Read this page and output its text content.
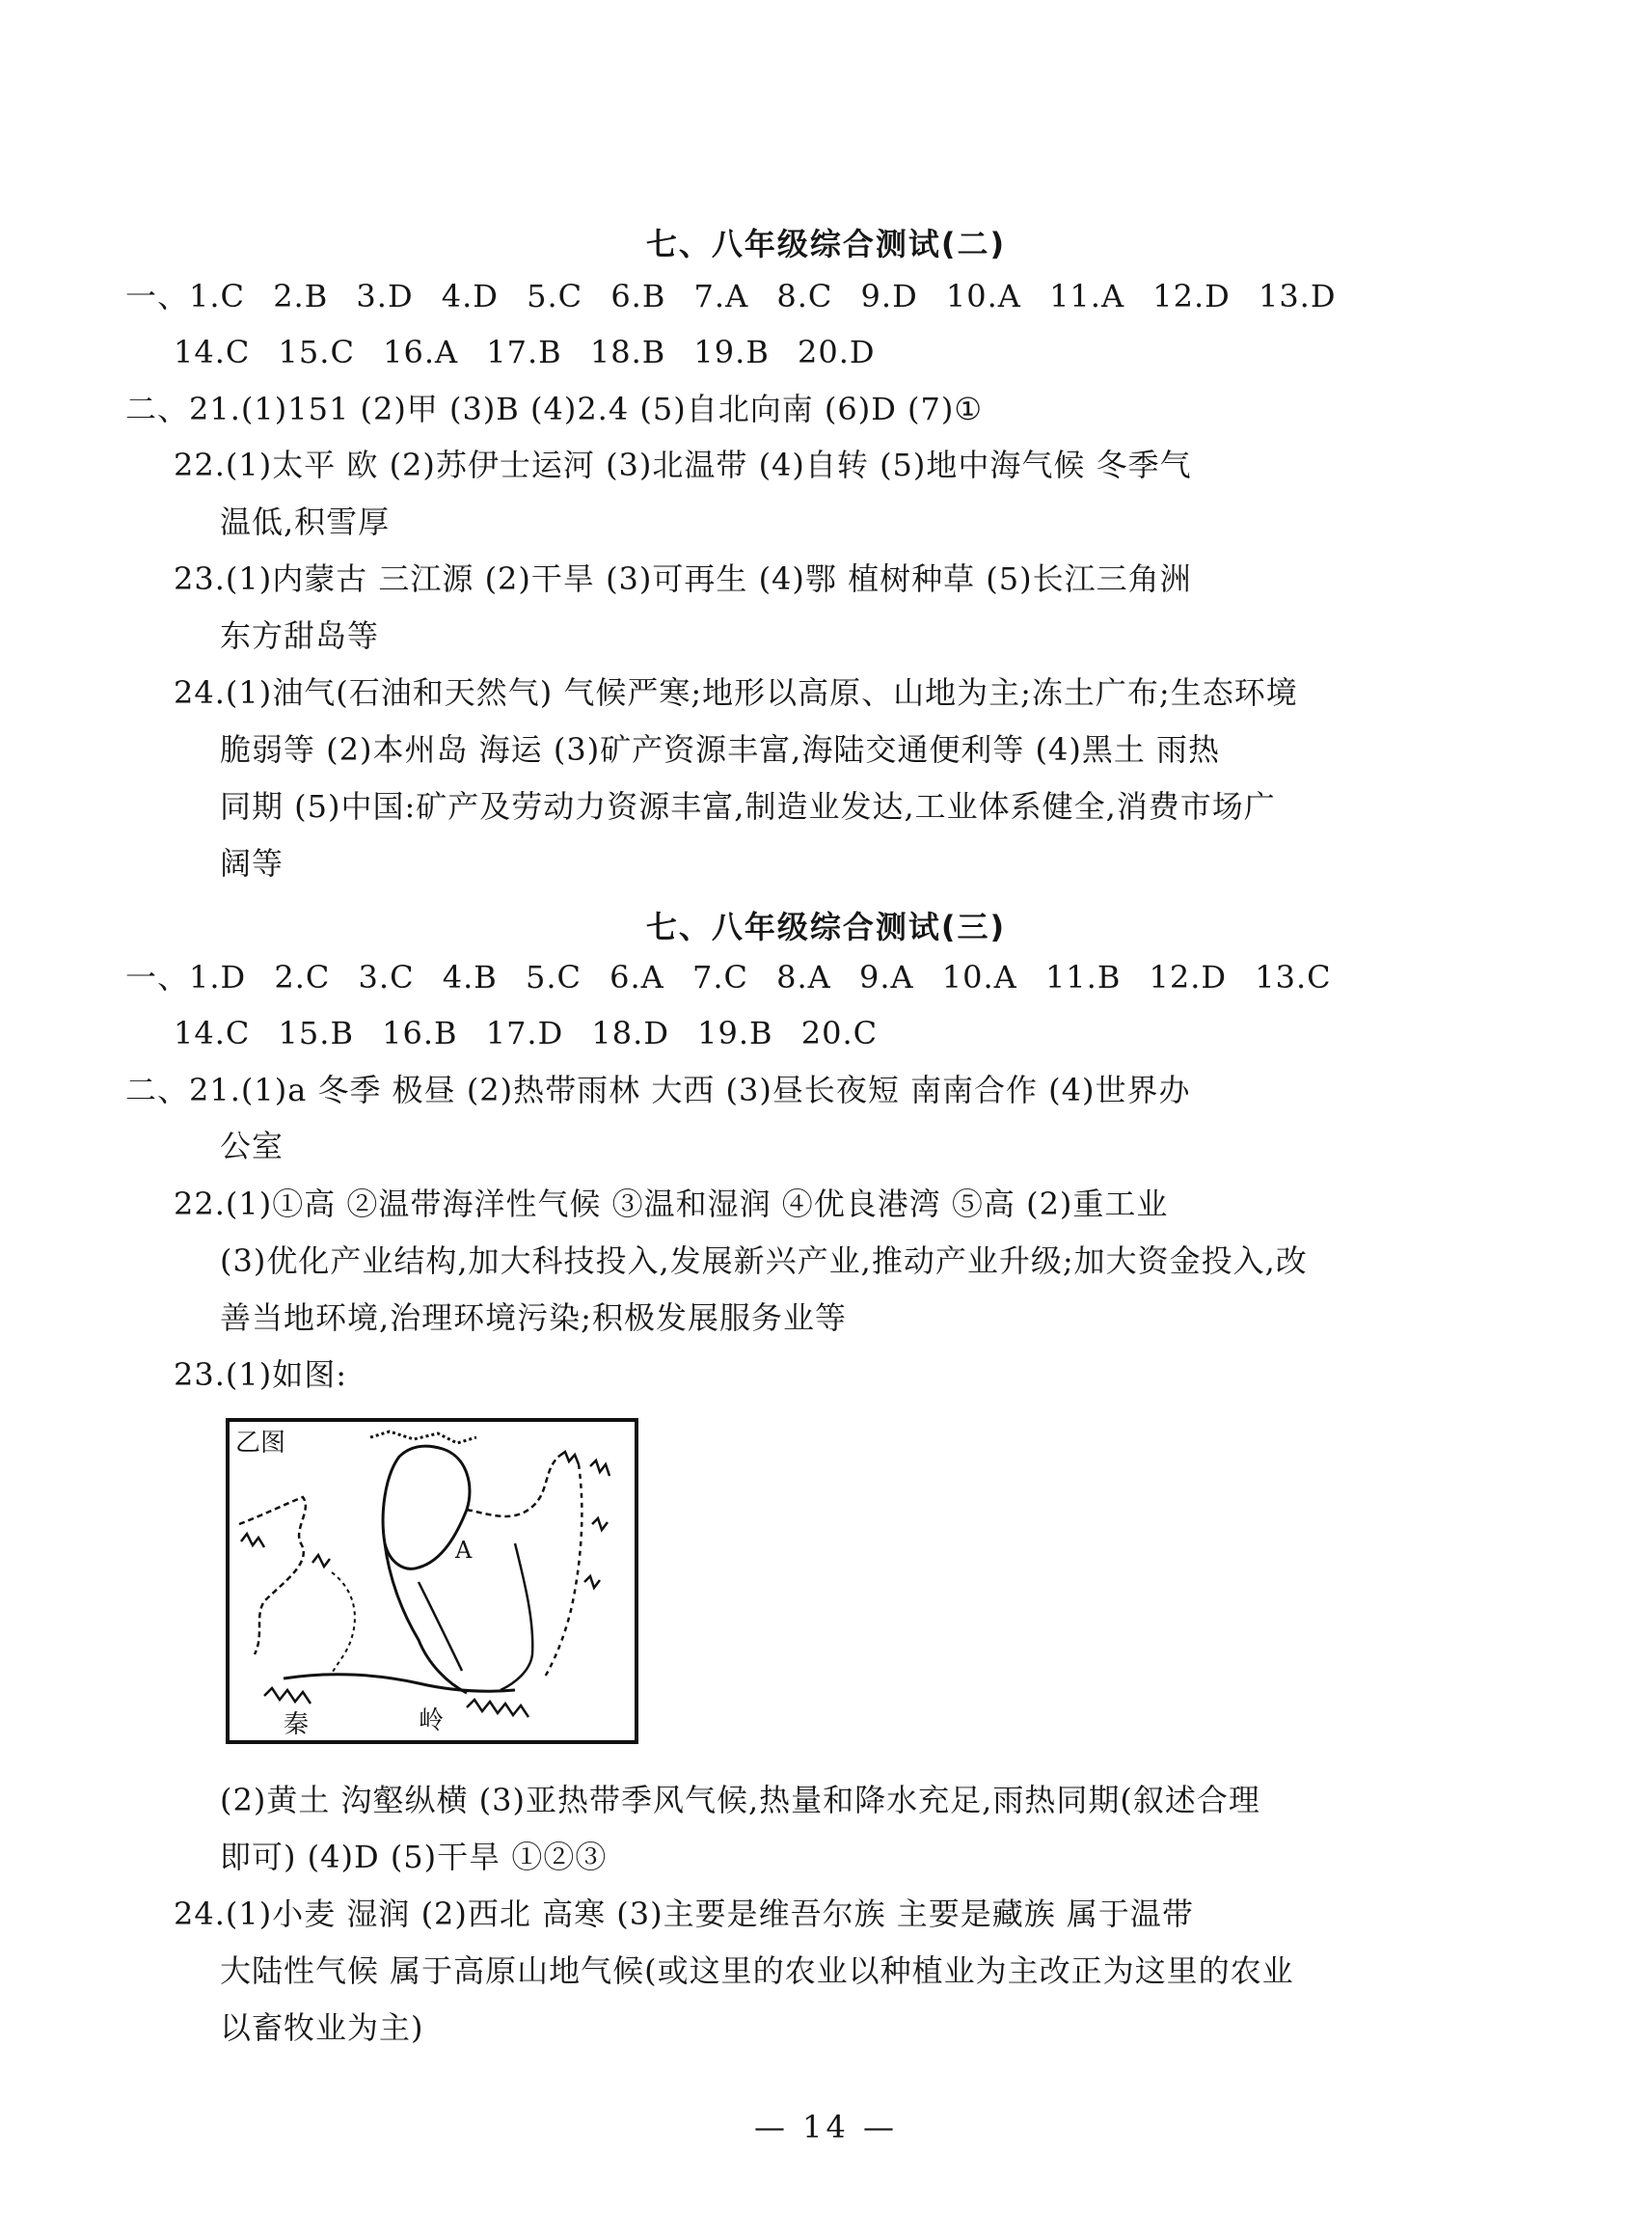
七、八年级综合测试(二)
一、1.C 2.B 3.D 4.D 5.C 6.B 7.A 8.C 9.D 10.A 11.A 12.D 13.D
14.C 15.C 16.A 17.B 18.B 19.B 20.D
二、21.(1)151 (2)甲 (3)B (4)2.4 (5)自北向南 (6)D (7)①
22.(1)太平 欧 (2)苏伊士运河 (3)北温带 (4)自转 (5)地中海气候 冬季气
温低,积雪厚
23.(1)内蒙古 三江源 (2)干旱 (3)可再生 (4)鄂 植树种草 (5)长江三角洲
东方甜岛等
24.(1)油气(石油和天然气) 气候严寒;地形以高原、山地为主;冻土广布;生态环境
脆弱等 (2)本州岛 海运 (3)矿产资源丰富,海陆交通便利等 (4)黑土 雨热
同期 (5)中国:矿产及劳动力资源丰富,制造业发达,工业体系健全,消费市场广
阔等
七、八年级综合测试(三)
一、1.D 2.C 3.C 4.B 5.C 6.A 7.C 8.A 9.A 10.A 11.B 12.D 13.C
14.C 15.B 16.B 17.D 18.D 19.B 20.C
二、21.(1)a 冬季 极昼 (2)热带雨林 大西 (3)昼长夜短 南南合作 (4)世界办
公室
22.(1)①高 ②温带海洋性气候 ③温和湿润 ④优良港湾 ⑤高 (2)重工业
(3)优化产业结构,加大科技投入,发展新兴产业,推动产业升级;加大资金投入,改
善当地环境,治理环境污染;积极发展服务业等
23.(1)如图:
乙图
A
秦	岭
(2)黄土 沟壑纵横 (3)亚热带季风气候,热量和降水充足,雨热同期(叙述合理
即可) (4)D (5)干旱 ①②③
24.(1)小麦 湿润 (2)西北 高寒 (3)主要是维吾尔族 主要是藏族 属于温带
大陆性气候 属于高原山地气候(或这里的农业以种植业为主改正为这里的农业
以畜牧业为主)
— 14 —
